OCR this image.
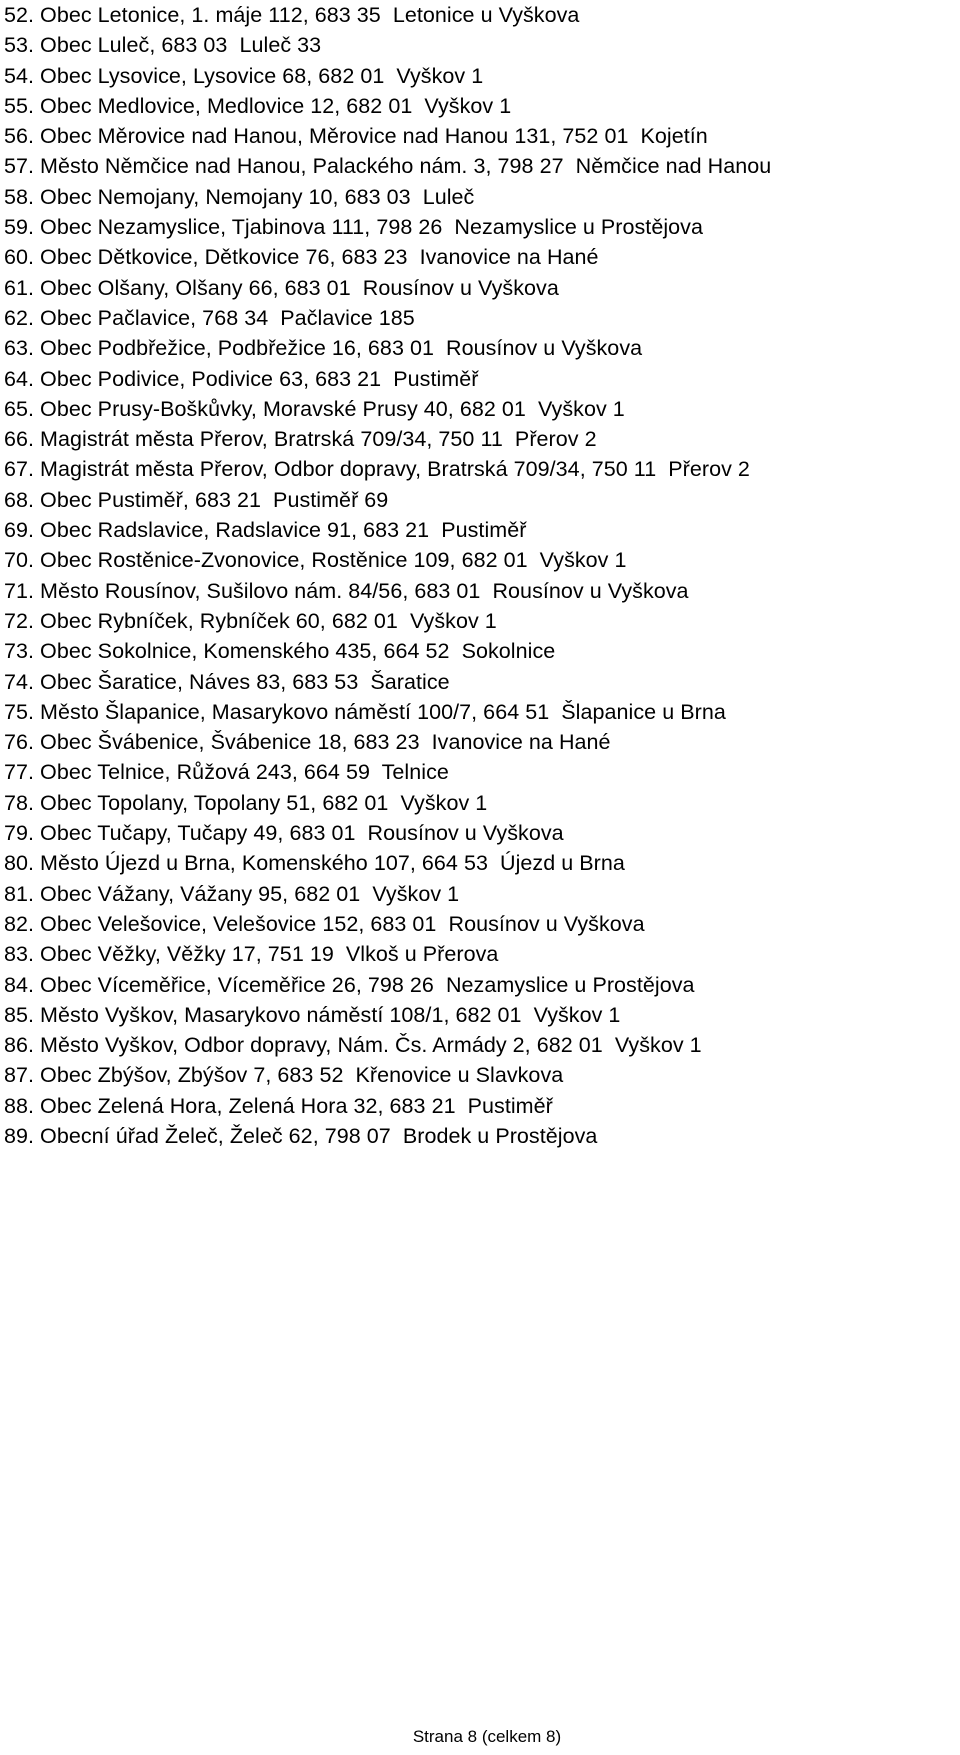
52. Obec Letonice, 1. máje 112, 683 35  Letonice u Vyškova
53. Obec Luleč, 683 03  Luleč 33
54. Obec Lysovice, Lysovice 68, 682 01  Vyškov 1
55. Obec Medlovice, Medlovice 12, 682 01  Vyškov 1
56. Obec Měrovice nad Hanou, Měrovice nad Hanou 131, 752 01  Kojetín
57. Město Němčice nad Hanou, Palackého nám. 3, 798 27  Němčice nad Hanou
58. Obec Nemojany, Nemojany 10, 683 03  Luleč
59. Obec Nezamyslice, Tjabinova 111, 798 26  Nezamyslice u Prostějova
60. Obec Dětkovice, Dětkovice 76, 683 23  Ivanovice na Hané
61. Obec Olšany, Olšany 66, 683 01  Rousínov u Vyškova
62. Obec Pačlavice, 768 34  Pačlavice 185
63. Obec Podbřežice, Podbřežice 16, 683 01  Rousínov u Vyškova
64. Obec Podivice, Podivice 63, 683 21  Pustiměř
65. Obec Prusy-Boškůvky, Moravské Prusy 40, 682 01  Vyškov 1
66. Magistrát města Přerov, Bratrská 709/34, 750 11  Přerov 2
67. Magistrát města Přerov, Odbor dopravy, Bratrská 709/34, 750 11  Přerov 2
68. Obec Pustiměř, 683 21  Pustiměř 69
69. Obec Radslavice, Radslavice 91, 683 21  Pustiměř
70. Obec Rostěnice-Zvonovice, Rostěnice 109, 682 01  Vyškov 1
71. Město Rousínov, Sušilovo nám. 84/56, 683 01  Rousínov u Vyškova
72. Obec Rybníček, Rybníček 60, 682 01  Vyškov 1
73. Obec Sokolnice, Komenského 435, 664 52  Sokolnice
74. Obec Šaratice, Náves 83, 683 53  Šaratice
75. Město Šlapanice, Masarykovo náměstí 100/7, 664 51  Šlapanice u Brna
76. Obec Švábenice, Švábenice 18, 683 23  Ivanovice na Hané
77. Obec Telnice, Růžová 243, 664 59  Telnice
78. Obec Topolany, Topolany 51, 682 01  Vyškov 1
79. Obec Tučapy, Tučapy 49, 683 01  Rousínov u Vyškova
80. Město Újezd u Brna, Komenského 107, 664 53  Újezd u Brna
81. Obec Vážany, Vážany 95, 682 01  Vyškov 1
82. Obec Velešovice, Velešovice 152, 683 01  Rousínov u Vyškova
83. Obec Věžky, Věžky 17, 751 19  Vlkoš u Přerova
84. Obec Víceměřice, Víceměřice 26, 798 26  Nezamyslice u Prostějova
85. Město Vyškov, Masarykovo náměstí 108/1, 682 01  Vyškov 1
86. Město Vyškov, Odbor dopravy, Nám. Čs. Armády 2, 682 01  Vyškov 1
87. Obec Zbýšov, Zbýšov 7, 683 52  Křenovice u Slavkova
88. Obec Zelená Hora, Zelená Hora 32, 683 21  Pustiměř
89. Obecní úřad Želeč, Želeč 62, 798 07  Brodek u Prostějova
Strana 8 (celkem 8)
